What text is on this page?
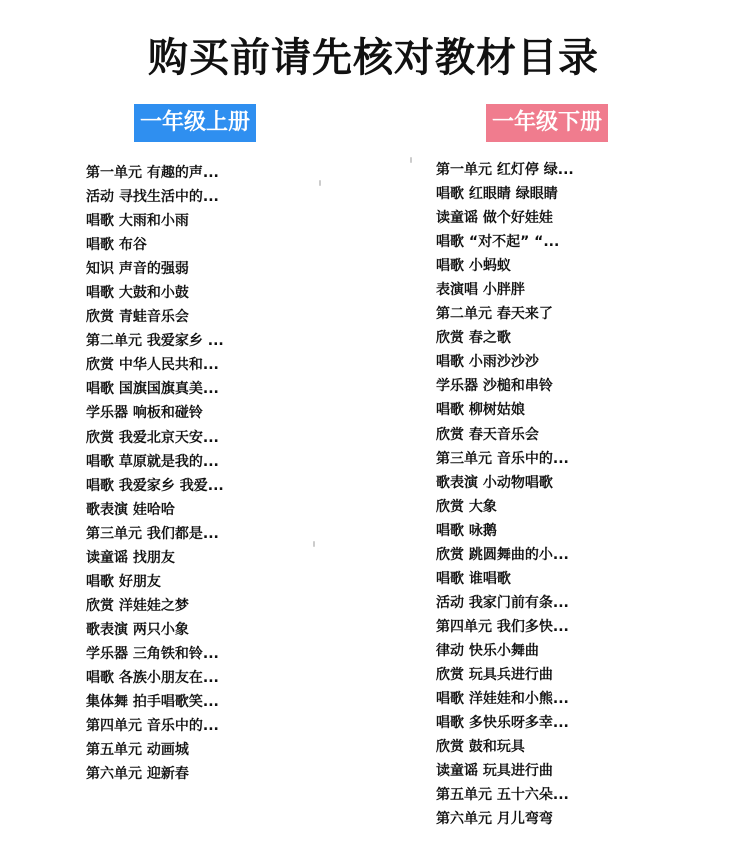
购买前请先核对教材目录
一年级上册	一年级下册
第一单元 有趣的声...
活动 寻找生活中的...
唱歌 大雨和小雨
唱歌 布谷
知识 声音的强弱
唱歌 大鼓和小鼓
欣赏 青蛙音乐会
第二单元 我爱家乡 ...
欣赏 中华人民共和...
唱歌 国旗国旗真美...
学乐器 响板和碰铃
欣赏 我爱北京天安...
唱歌 草原就是我的...
唱歌 我爱家乡 我爱...
歌表演 娃哈哈
第三单元 我们都是...
读童谣 找朋友
唱歌 好朋友
欣赏 洋娃娃之梦
歌表演 两只小象
学乐器 三角铁和铃...
唱歌 各族小朋友在...
集体舞 拍手唱歌笑...
第四单元 音乐中的...
第五单元 动画城
第六单元 迎新春
第一单元 红灯停 绿...
唱歌 红眼睛 绿眼睛
读童谣 做个好娃娃
唱歌 “对不起” “...
唱歌 小蚂蚁
表演唱 小胖胖
第二单元 春天来了
欣赏 春之歌
唱歌 小雨沙沙沙
学乐器 沙槌和串铃
唱歌 柳树姑娘
欣赏 春天音乐会
第三单元 音乐中的...
歌表演 小动物唱歌
欣赏 大象
唱歌 咏鹅
欣赏 跳圆舞曲的小...
唱歌 谁唱歌
活动 我家门前有条...
第四单元 我们多快...
律动 快乐小舞曲
欣赏 玩具兵进行曲
唱歌 洋娃娃和小熊...
唱歌 多快乐呀多幸...
欣赏 鼓和玩具
读童谣 玩具进行曲
第五单元 五十六朵...
第六单元 月儿弯弯
